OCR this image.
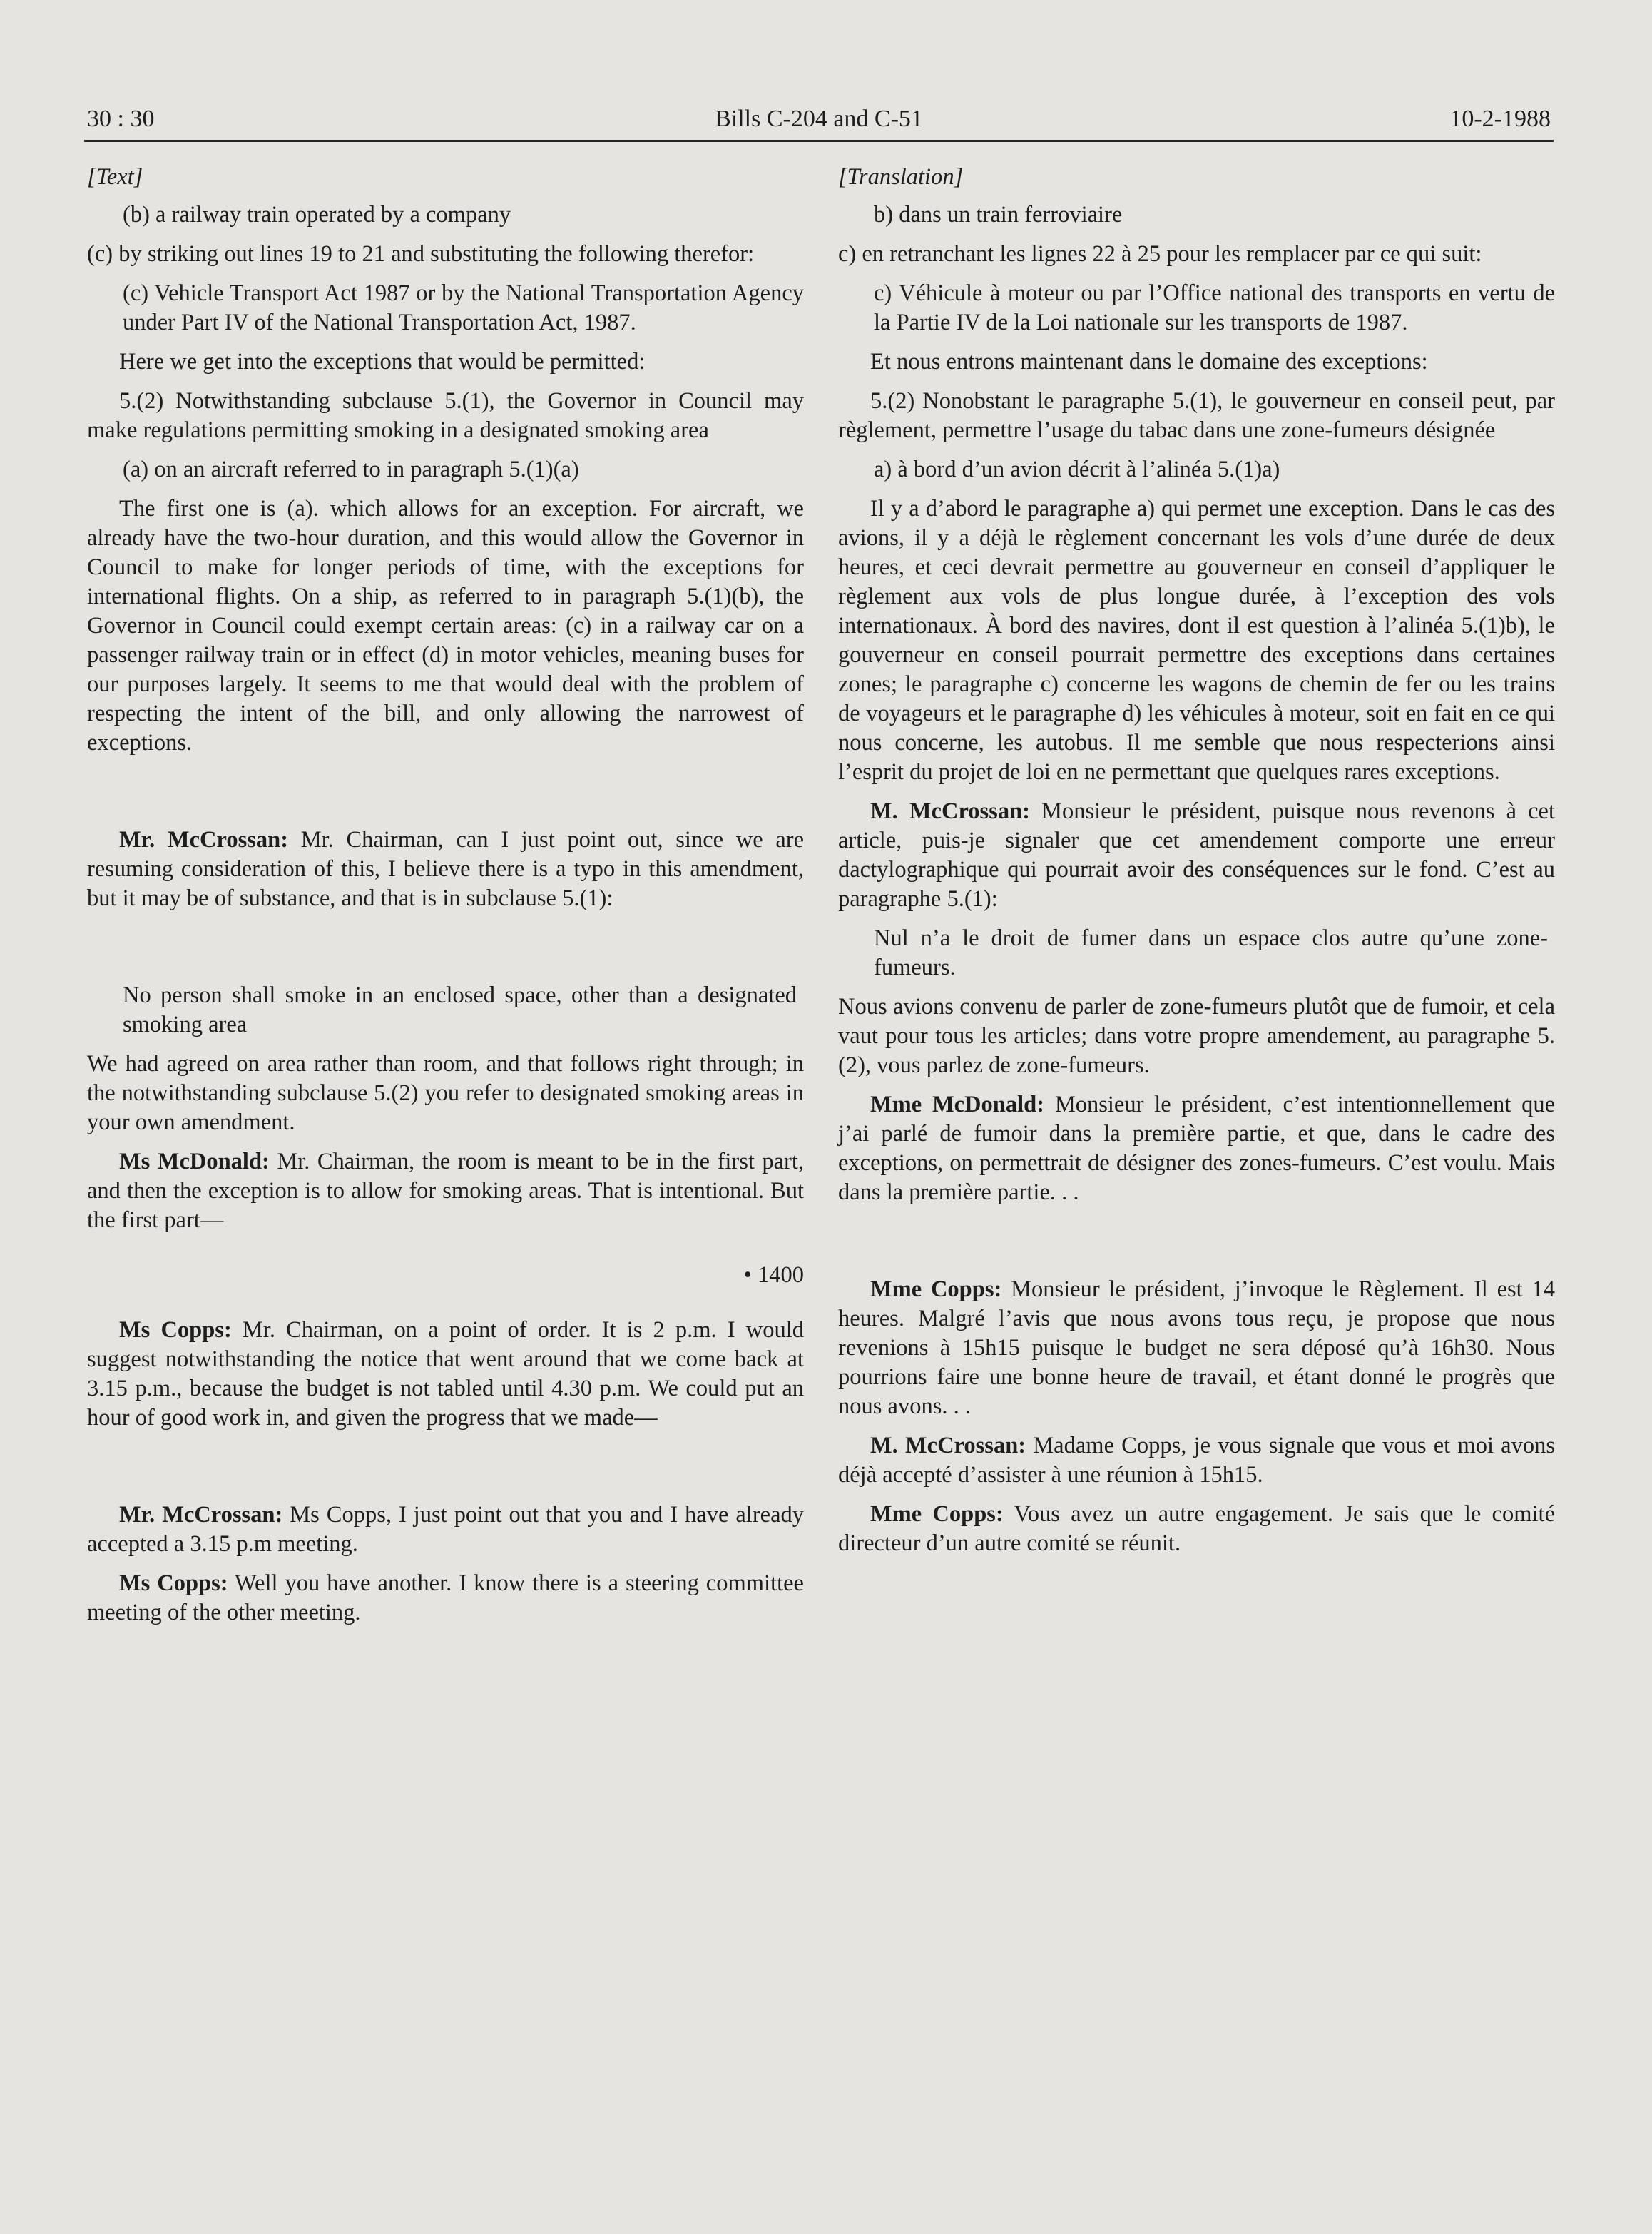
30 : 30	Bills C-204 and C-51	10-2-1988

[Text]

(b) a railway train operated by a company

(c) by striking out lines 19 to 21 and substituting the following therefor:

(c) Vehicle Transport Act 1987 or by the National Transportation Agency under Part IV of the National Transportation Act, 1987.

Here we get into the exceptions that would be permitted:

5.(2) Notwithstanding subclause 5.(1), the Governor in Council may make regulations permitting smoking in a designated smoking area

(a) on an aircraft referred to in paragraph 5.(1)(a)

The first one is (a). which allows for an exception. For aircraft, we already have the two-hour duration, and this would allow the Governor in Council to make for longer periods of time, with the exceptions for international flights. On a ship, as referred to in paragraph 5.(1)(b), the Governor in Council could exempt certain areas: (c) in a railway car on a passenger railway train or in effect (d) in motor vehicles, meaning buses for our purposes largely. It seems to me that would deal with the problem of respecting the intent of the bill, and only allowing the narrowest of exceptions.

Mr. McCrossan: Mr. Chairman, can I just point out, since we are resuming consideration of this, I believe there is a typo in this amendment, but it may be of substance, and that is in subclause 5.(1):

No person shall smoke in an enclosed space, other than a designated smoking area

We had agreed on area rather than room, and that follows right through; in the notwithstanding subclause 5.(2) you refer to designated smoking areas in your own amendment.

Ms McDonald: Mr. Chairman, the room is meant to be in the first part, and then the exception is to allow for smoking areas. That is intentional. But the first part—

• 1400

Ms Copps: Mr. Chairman, on a point of order. It is 2 p.m. I would suggest notwithstanding the notice that went around that we come back at 3.15 p.m., because the budget is not tabled until 4.30 p.m. We could put an hour of good work in, and given the progress that we made—

Mr. McCrossan: Ms Copps, I just point out that you and I have already accepted a 3.15 p.m meeting.

Ms Copps: Well you have another. I know there is a steering committee meeting of the other meeting.

[Translation]

b) dans un train ferroviaire

c) en retranchant les lignes 22 à 25 pour les remplacer par ce qui suit:

c) Véhicule à moteur ou par l’Office national des transports en vertu de la Partie IV de la Loi nationale sur les transports de 1987.

Et nous entrons maintenant dans le domaine des exceptions:

5.(2) Nonobstant le paragraphe 5.(1), le gouverneur en conseil peut, par règlement, permettre l’usage du tabac dans une zone-fumeurs désignée

a) à bord d’un avion décrit à l’alinéa 5.(1)a)

Il y a d’abord le paragraphe a) qui permet une exception. Dans le cas des avions, il y a déjà le règlement concernant les vols d’une durée de deux heures, et ceci devrait permettre au gouverneur en conseil d’appliquer le règlement aux vols de plus longue durée, à l’exception des vols internationaux. À bord des navires, dont il est question à l’alinéa 5.(1)b), le gouverneur en conseil pourrait permettre des exceptions dans certaines zones; le paragraphe c) concerne les wagons de chemin de fer ou les trains de voyageurs et le paragraphe d) les véhicules à moteur, soit en fait en ce qui nous concerne, les autobus. Il me semble que nous respecterions ainsi l’esprit du projet de loi en ne permettant que quelques rares exceptions.

M. McCrossan: Monsieur le président, puisque nous revenons à cet article, puis-je signaler que cet amendement comporte une erreur dactylographique qui pourrait avoir des conséquences sur le fond. C’est au paragraphe 5.(1):

Nul n’a le droit de fumer dans un espace clos autre qu’une zone-fumeurs.

Nous avions convenu de parler de zone-fumeurs plutôt que de fumoir, et cela vaut pour tous les articles; dans votre propre amendement, au paragraphe 5.(2), vous parlez de zone-fumeurs.

Mme McDonald: Monsieur le président, c’est intentionnellement que j’ai parlé de fumoir dans la première partie, et que, dans le cadre des exceptions, on permettrait de désigner des zones-fumeurs. C’est voulu. Mais dans la première partie. . .

Mme Copps: Monsieur le président, j’invoque le Règlement. Il est 14 heures. Malgré l’avis que nous avons tous reçu, je propose que nous revenions à 15h15 puisque le budget ne sera déposé qu’à 16h30. Nous pourrions faire une bonne heure de travail, et étant donné le progrès que nous avons. . .

M. McCrossan: Madame Copps, je vous signale que vous et moi avons déjà accepté d’assister à une réunion à 15h15.

Mme Copps: Vous avez un autre engagement. Je sais que le comité directeur d’un autre comité se réunit.
